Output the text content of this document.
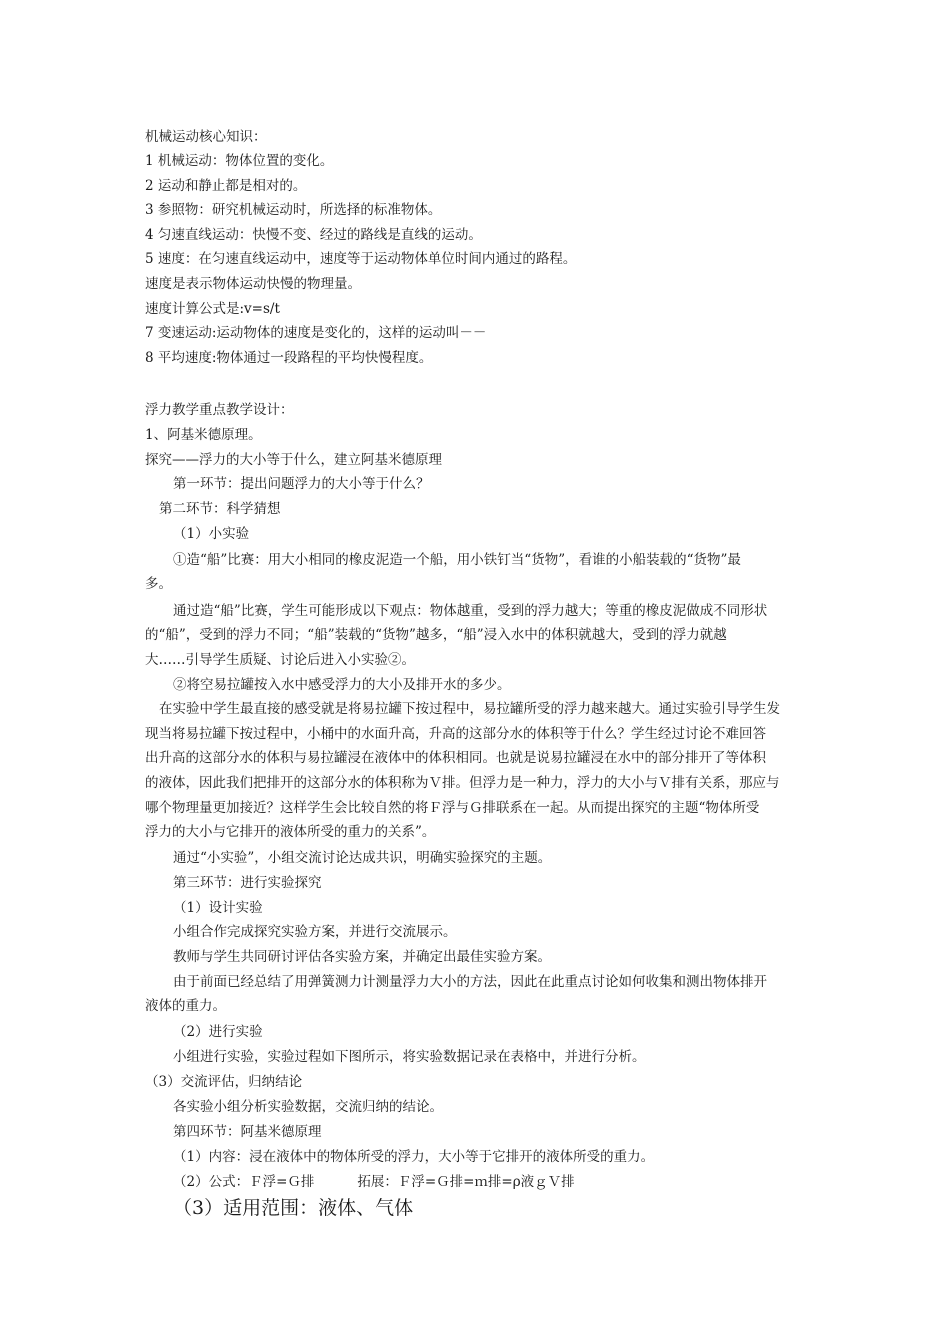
机械运动核心知识：
1 机械运动：物体位置的变化。
2 运动和静止都是相对的。
3 参照物：研究机械运动时，所选择的标准物体。
4 匀速直线运动：快慢不变、经过的路线是直线的运动。
5 速度：在匀速直线运动中，速度等于运动物体单位时间内通过的路程。
速度是表示物体运动快慢的物理量。
速度计算公式是:v=s/t
7 变速运动:运动物体的速度是变化的，这样的运动叫－－
8 平均速度:物体通过一段路程的平均快慢程度。
浮力教学重点教学设计：
1、阿基米德原理。
探究——浮力的大小等于什么，建立阿基米德原理
第一环节：提出问题浮力的大小等于什么？
第二环节：科学猜想
（1）小实验
①造“船”比赛：用大小相同的橡皮泥造一个船，用小铁钉当“货物”，看谁的小船装载的“货物”最
多。
通过造“船”比赛，学生可能形成以下观点：物体越重，受到的浮力越大；等重的橡皮泥做成不同形状
的“船”，受到的浮力不同；“船”装载的“货物”越多，“船”浸入水中的体积就越大，受到的浮力就越
大……引导学生质疑、讨论后进入小实验②。
②将空易拉罐按入水中感受浮力的大小及排开水的多少。
在实验中学生最直接的感受就是将易拉罐下按过程中，易拉罐所受的浮力越来越大。通过实验引导学生发
现当将易拉罐下按过程中，小桶中的水面升高，升高的这部分水的体积等于什么？学生经过讨论不难回答
出升高的这部分水的体积与易拉罐浸在液体中的体积相同。也就是说易拉罐浸在水中的部分排开了等体积
的液体，因此我们把排开的这部分水的体积称为Ｖ排。但浮力是一种力，浮力的大小与Ｖ排有关系，那应与
哪个物理量更加接近？这样学生会比较自然的将Ｆ浮与Ｇ排联系在一起。从而提出探究的主题“物体所受
浮力的大小与它排开的液体所受的重力的关系”。
通过“小实验”，小组交流讨论达成共识，明确实验探究的主题。
第三环节：进行实验探究
（1）设计实验
小组合作完成探究实验方案，并进行交流展示。
教师与学生共同研讨评估各实验方案，并确定出最佳实验方案。
由于前面已经总结了用弹簧测力计测量浮力大小的方法，因此在此重点讨论如何收集和测出物体排开
液体的重力。
（2）进行实验
小组进行实验，实验过程如下图所示，将实验数据记录在表格中，并进行分析。
（3）交流评估，归纳结论
各实验小组分析实验数据，交流归纳的结论。
第四环节：阿基米德原理
（1）内容：浸在液体中的物体所受的浮力，大小等于它排开的液体所受的重力。
（2）公式：Ｆ浮=Ｇ排          拓展：Ｆ浮=Ｇ排=ｍ排=ρ液ｇＶ排
（3）适用范围：液体、气体
